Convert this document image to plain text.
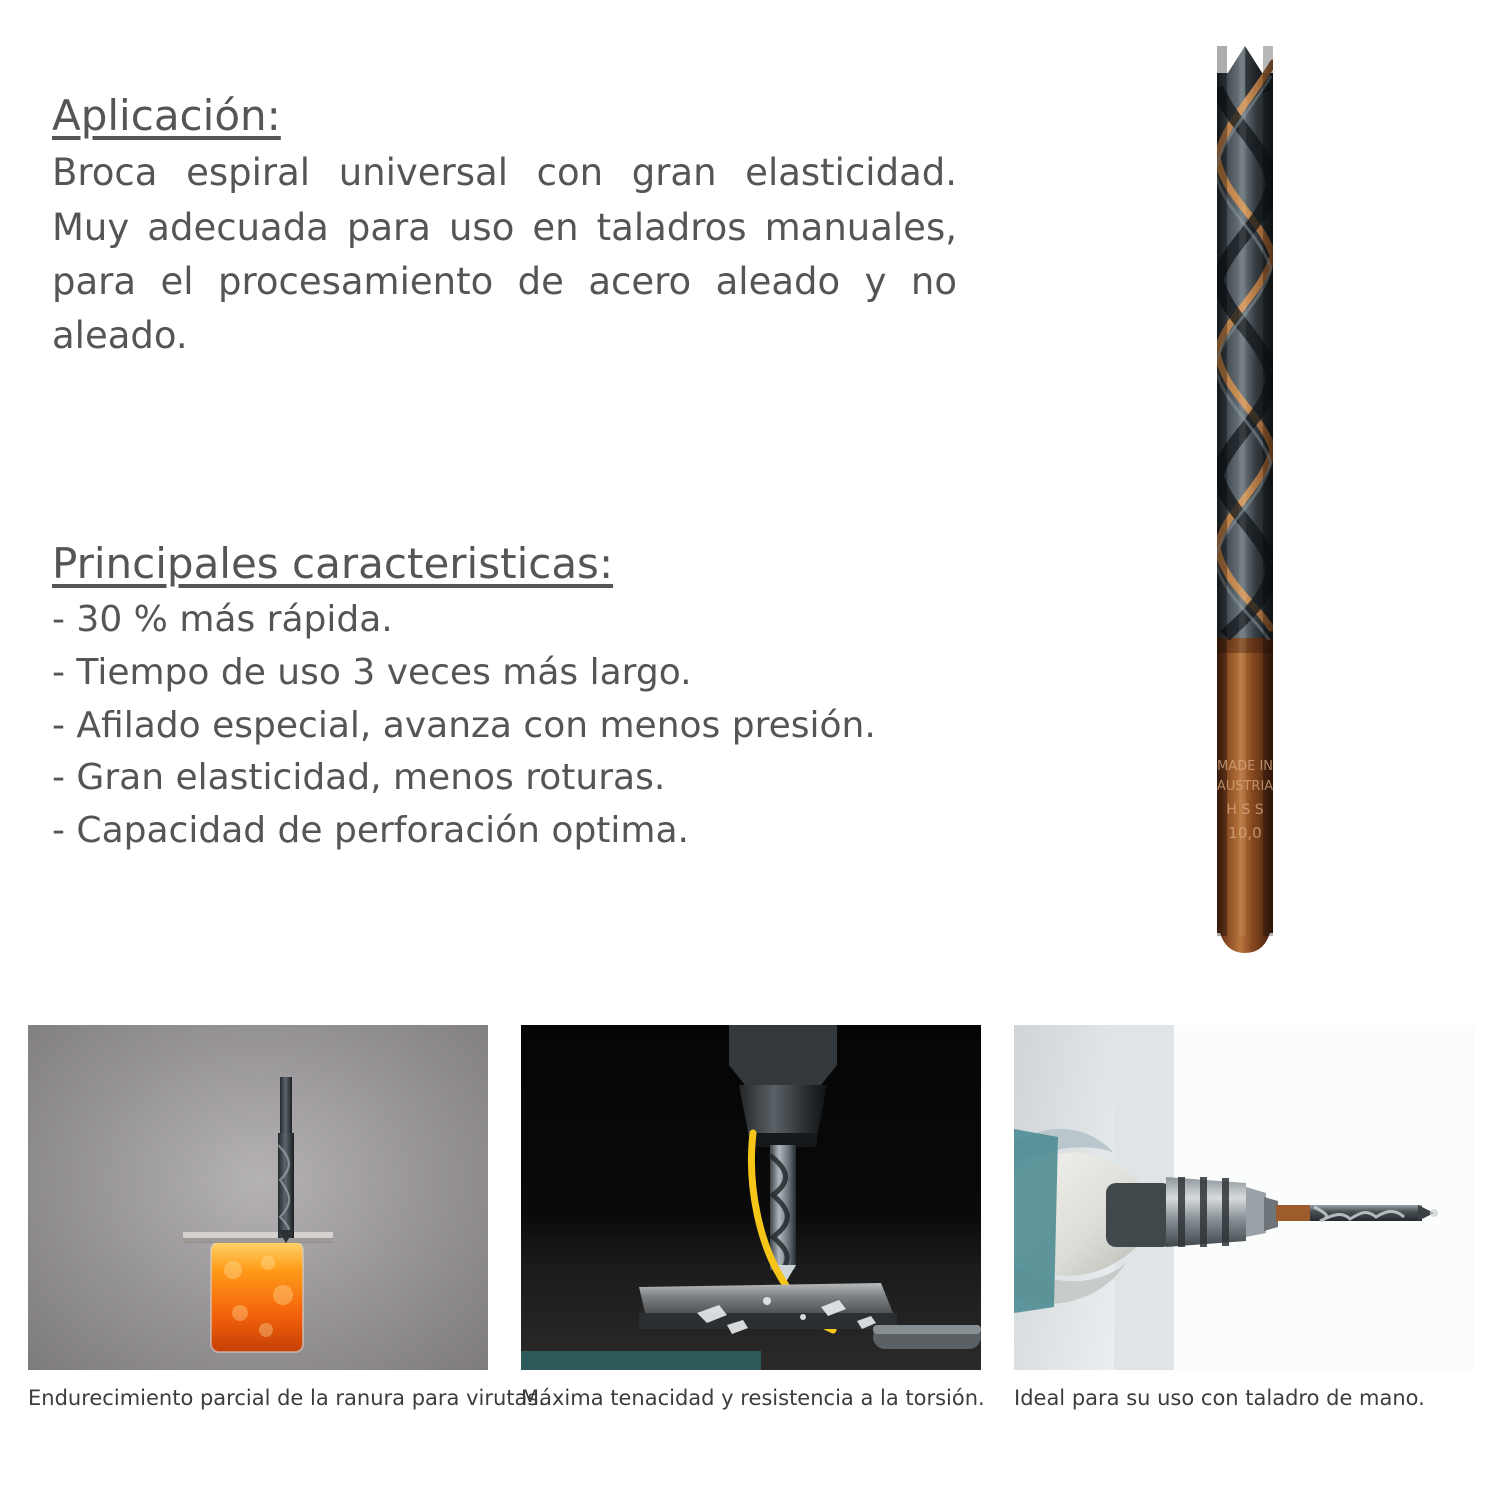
Aplicación:

Broca espiral universal con gran elasticidad. Muy adecuada para uso en taladros manuales, para el procesamiento de acero aleado y no aleado.

Principales caracteristicas:
- 30 % más rápida.
- Tiempo de uso 3 veces más largo.
- Afilado especial, avanza con menos presión.
- Gran elasticidad, menos roturas.
- Capacidad de perforación optima.
MADE IN
AUSTRIA
H S S
10,0
Endurecimiento parcial de la ranura para virutas.
Máxima tenacidad y resistencia a la torsión. Ideal para su uso con taladro de mano.
